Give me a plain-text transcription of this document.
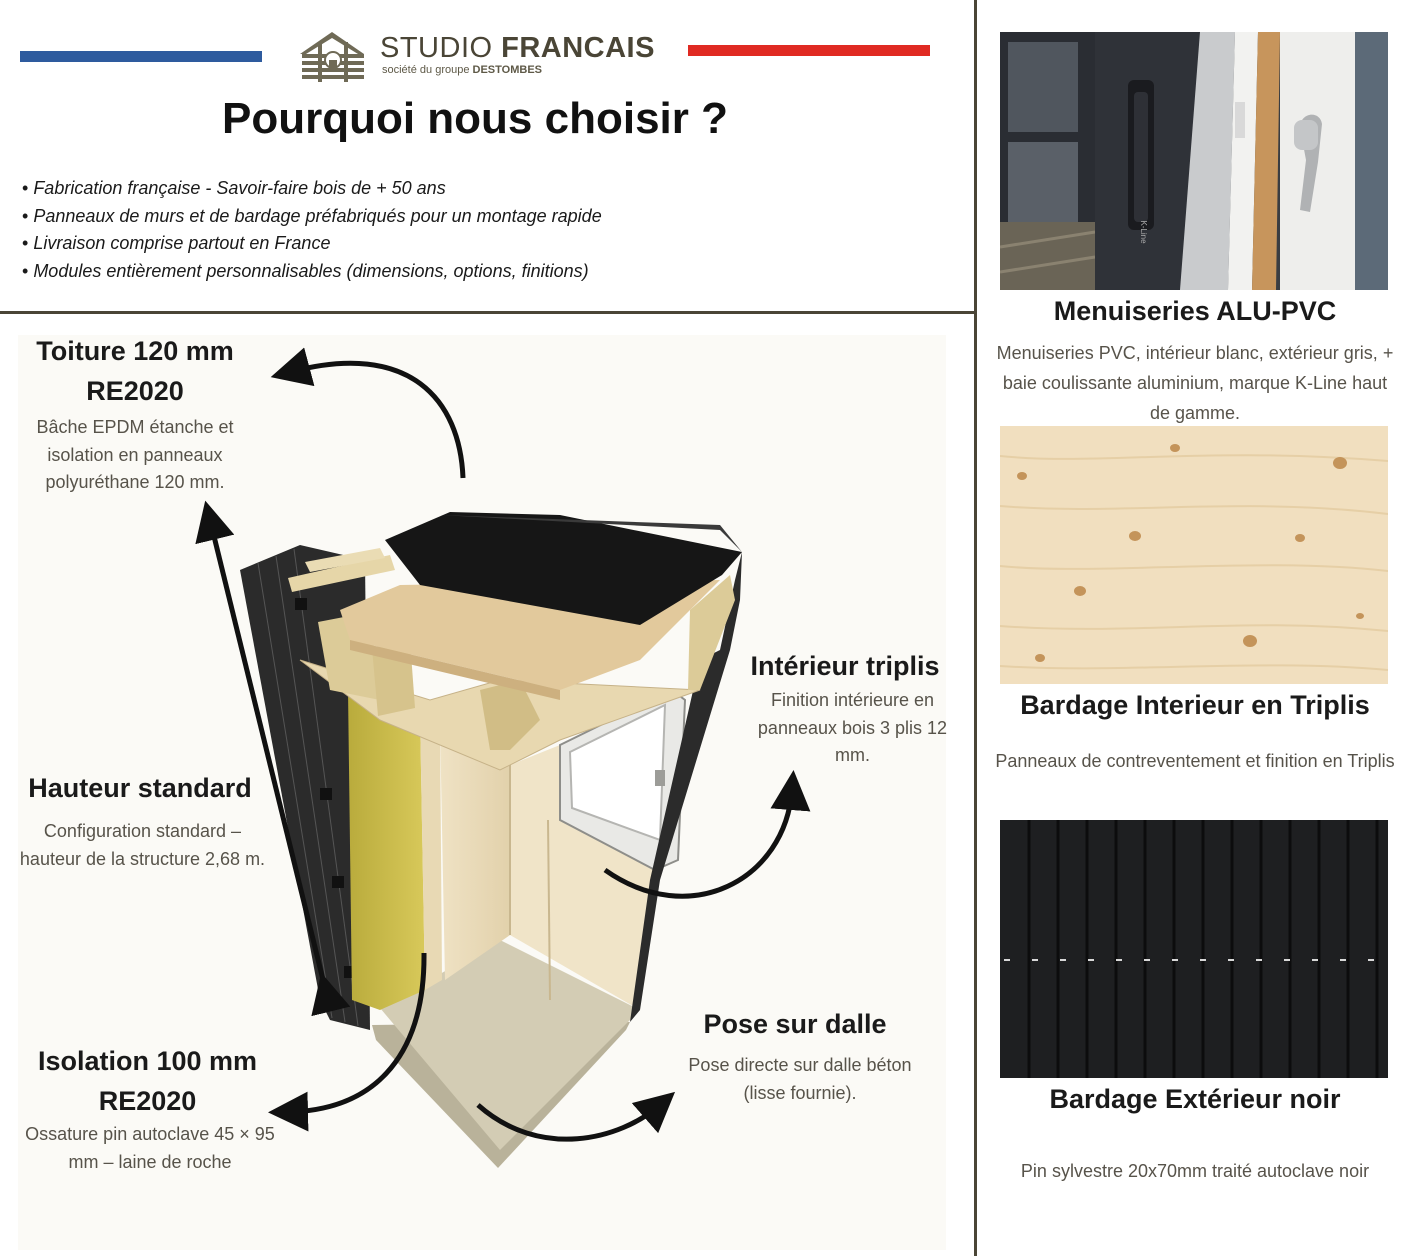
STUDIO FRANCAIS
société du groupe DESTOMBES
Pourquoi nous choisir ?
• Fabrication française - Savoir-faire bois de + 50 ans
• Panneaux de murs et de bardage préfabriqués pour un montage rapide
• Livraison comprise partout en France
• Modules entièrement personnalisables (dimensions, options, finitions)
Toiture 120 mm
RE2020
Bâche EPDM étanche et isolation en panneaux polyuréthane 120 mm.
Hauteur standard
Configuration standard – hauteur de la structure 2,68 m.
Isolation 100 mm
RE2020
Ossature pin autoclave 45 × 95 mm – laine de roche
Intérieur triplis
Finition intérieure en panneaux bois 3 plis 12 mm.
Pose sur dalle
Pose directe sur dalle béton (lisse fournie).
K-Line
Menuiseries ALU-PVC
Menuiseries PVC, intérieur blanc, extérieur gris, + baie coulissante aluminium, marque K-Line haut de gamme.
Bardage Interieur en Triplis
Panneaux de contreventement et finition en Triplis
Bardage Extérieur noir
Pin sylvestre 20x70mm traité autoclave noir
